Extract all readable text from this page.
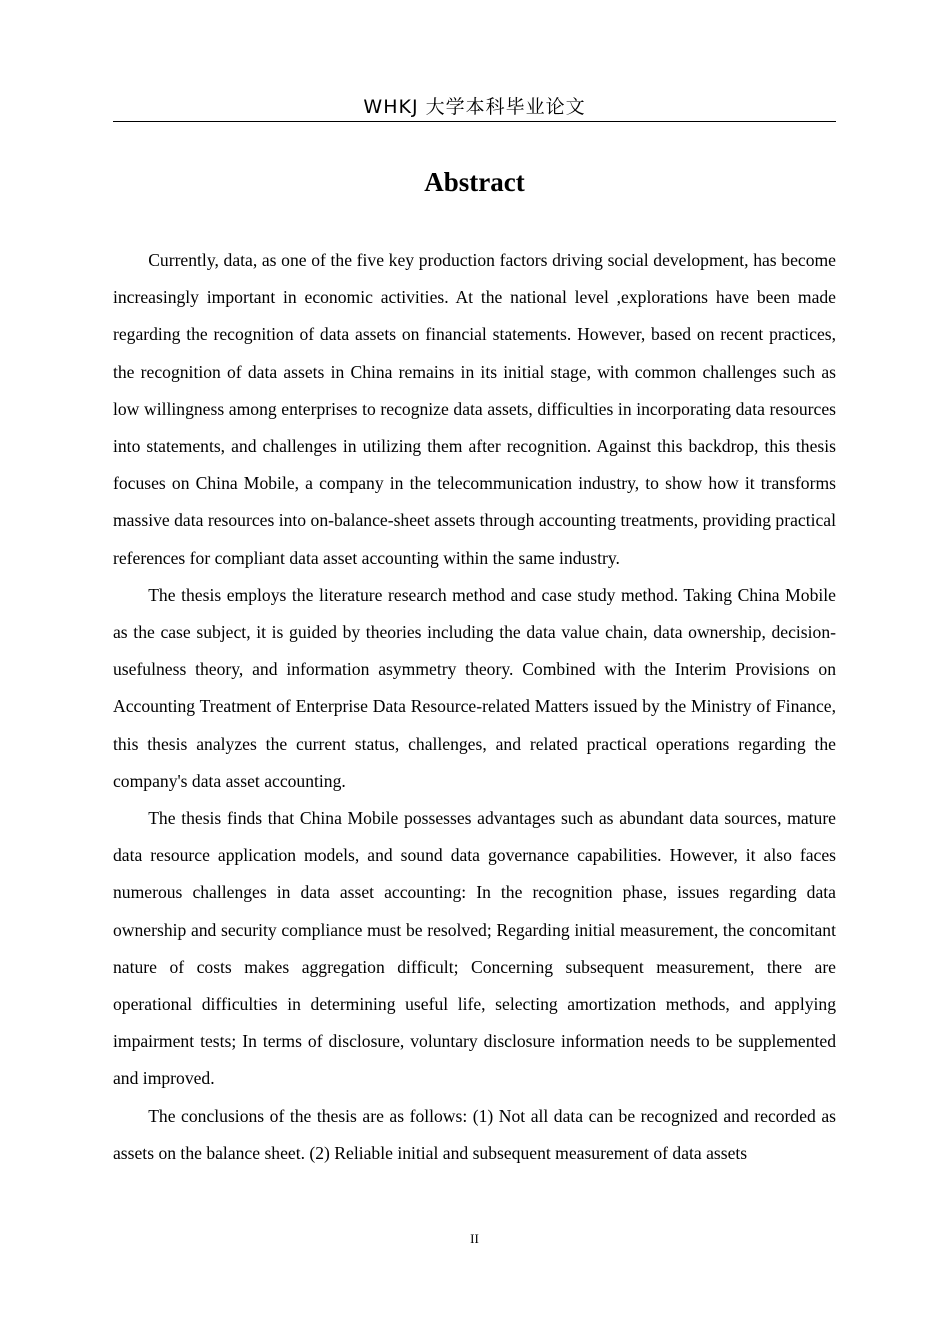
WHKJ 大学本科毕业论文
Abstract

Currently, data, as one of the five key production factors driving social development, has become increasingly important in economic activities. At the national level ,explorations have been made regarding the recognition of data assets on financial statements. However, based on recent practices, the recognition of data assets in China remains in its initial stage, with common challenges such as low willingness among enterprises to recognize data assets, difficulties in incorporating data resources into statements, and challenges in utilizing them after recognition. Against this backdrop, this thesis focuses on China Mobile, a company in the telecommunication industry, to show how it transforms massive data resources into on-balance-sheet assets through accounting treatments, providing practical references for compliant data asset accounting within the same industry.

The thesis employs the literature research method and case study method. Taking China Mobile as the case subject, it is guided by theories including the data value chain, data ownership, decision-usefulness theory, and information asymmetry theory. Combined with the Interim Provisions on Accounting Treatment of Enterprise Data Resource-related Matters issued by the Ministry of Finance, this thesis analyzes the current status, challenges, and related practical operations regarding the company's data asset accounting.

The thesis finds that China Mobile possesses advantages such as abundant data sources, mature data resource application models, and sound data governance capabilities. However, it also faces numerous challenges in data asset accounting: In the recognition phase, issues regarding data ownership and security compliance must be resolved; Regarding initial measurement, the concomitant nature of costs makes aggregation difficult; Concerning subsequent measurement, there are operational difficulties in determining useful life, selecting amortization methods, and applying impairment tests; In terms of disclosure, voluntary disclosure information needs to be supplemented and improved.

The conclusions of the thesis are as follows: (1) Not all data can be recognized and recorded as assets on the balance sheet. (2) Reliable initial and subsequent measurement of data assets

II
